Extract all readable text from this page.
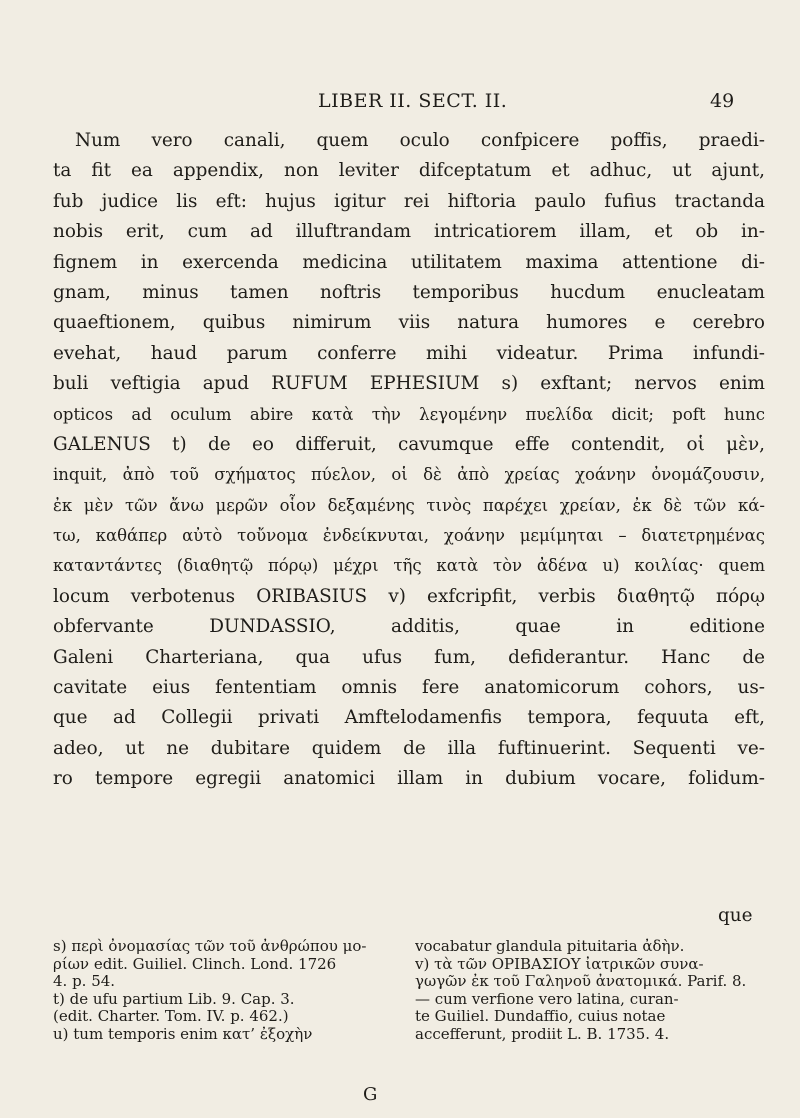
LIBER II. SECT. II.	49
Num vero canali, quem oculo confpicere poffis, praedi-
ta fit ea appendix, non leviter difceptatum et adhuc, ut ajunt,
fub judice lis eft: hujus igitur rei hiftoria paulo fufius tractanda
nobis erit, cum ad illuftrandam intricatiorem illam, et ob in-
fignem in exercenda medicina utilitatem maxima attentione di-
gnam, minus tamen noftris temporibus hucdum enucleatam
quaeftionem, quibus nimirum viis natura humores e cerebro
evehat, haud parum conferre mihi videatur. Prima infundi-
buli veftigia apud RUFUM EPHESIUM s) exftant; nervos enim
opticos ad oculum abire κατὰ τὴν λεγομένην πυελίδα dicit; poft hunc
GALENUS t) de eo differuit, cavumque effe contendit, οἱ μὲν,
inquit, ἀπὸ τοῦ σχήματος πύελον, οἱ δὲ ἀπὸ χρείας χοάνην ὀνομάζουσιν,
ἐκ μὲν τῶν ἄνω μερῶν οἷον δεξαμένης τινὸς παρέχει χρείαν, ἐκ δὲ τῶν κά-
τω, καθάπερ αὐτὸ τοὔνομα ἐνδείκνυται, χοάνην μεμίμηται – διατετρημένας
καταντάντες (διαθητῷ πόρῳ) μέχρι τῆς κατὰ τὸν ἀδένα u) κοιλίας· quem
locum verbotenus ORIBASIUS v) exfcripfit, verbis διαθητῷ πόρῳ
obfervante DUNDASSIO, additis, quae in editione
Galeni Charteriana, qua ufus fum, defiderantur. Hanc de
cavitate eius fententiam omnis fere anatomicorum cohors, us-
que ad Collegii privati Amftelodamenfis tempora, fequuta eft,
adeo, ut ne dubitare quidem de illa fuftinuerint. Sequenti ve-
ro tempore egregii anatomici illam in dubium vocare, folidum-
que
s) περὶ ὀνομασίας τῶν τοῦ ἀνθρώπου μο-
ρίων edit. Guiliel. Clinch. Lond. 1726
4. p. 54.
t) de ufu partium Lib. 9. Cap. 3.
(edit. Charter. Tom. IV. p. 462.)
u) tum temporis enim κατ’ ἐξοχὴν
vocabatur glandula pituitaria ἀδὴν.
v) τὰ τῶν ΟΡΙΒΑΣΙΟΥ ἰατρικῶν συνα-
γωγῶν ἐκ τοῦ Γαληνοῦ ἀνατομικά. Parif. 8.
— cum verfione vero latina, curan-
te Guiliel. Dundaffio, cuius notae
accefferunt, prodiit L. B. 1735. 4.
G
